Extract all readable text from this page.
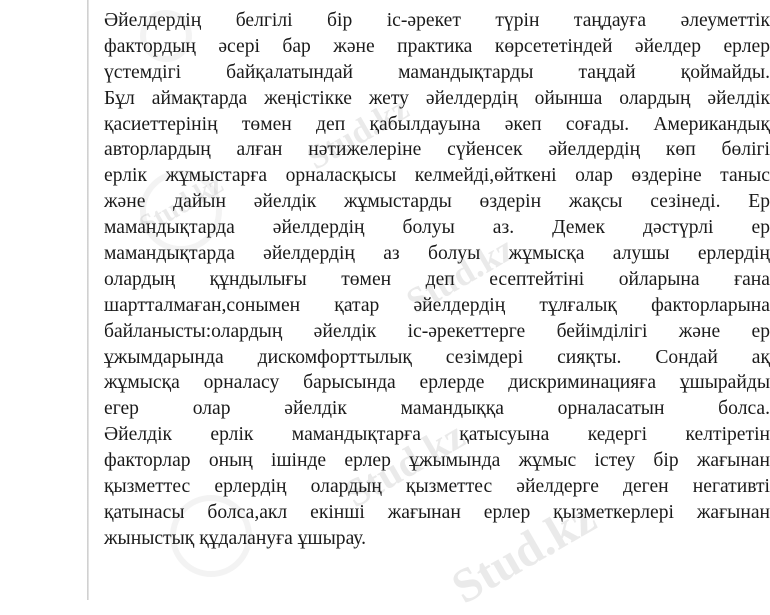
Stud.kz
Stud.kz
Stud.kz
Stud.kz
Stud.kz
Әйелдердің белгілі бір іс-әрекет түрін таңдауға әлеуметтік
фактордың әсері бар және практика көрсететіндей әйелдер ерлер
үстемдігі байқалатындай мамандықтарды таңдай қоймайды.
Бұл аймақтарда жеңістікке жету әйелдердің ойынша олардың әйелдік
қасиеттерінің төмен деп қабылдауына әкеп соғады. Американдық
авторлардың алған нәтижелеріне сүйенсек әйелдердің көп бөлігі
ерлік жұмыстарға орналасқысы келмейді,өйткені олар өздеріне таныс
және дайын әйелдік жұмыстарды өздерін жақсы сезінеді. Ер
мамандықтарда әйелдердің болуы аз. Демек дәстүрлі ер
мамандықтарда әйелдердің аз болуы жұмысқа алушы ерлердің
олардың құндылығы төмен деп есептейтіні ойларына ғана
шартталмаған,сонымен қатар әйелдердің тұлғалық факторларына
байланысты:олардың әйелдік іс-әрекеттерге бейімділігі және ер
ұжымдарында дискомфорттылық сезімдері сияқты. Сондай ақ
жұмысқа орналасу барысында ерлерде дискриминацияға ұшырайды
егер олар әйелдік мамандыққа орналасатын болса.
Әйелдік ерлік мамандықтарға қатысуына кедергі келтіретін
факторлар оның ішінде ерлер ұжымында жұмыс істеу бір жағынан
қызметтес ерлердің олардың қызметтес әйелдерге деген негативті
қатынасы болса,акл екінші жағынан ерлер қызметкерлері жағынан
жыныстық құдалануға ұшырау.
